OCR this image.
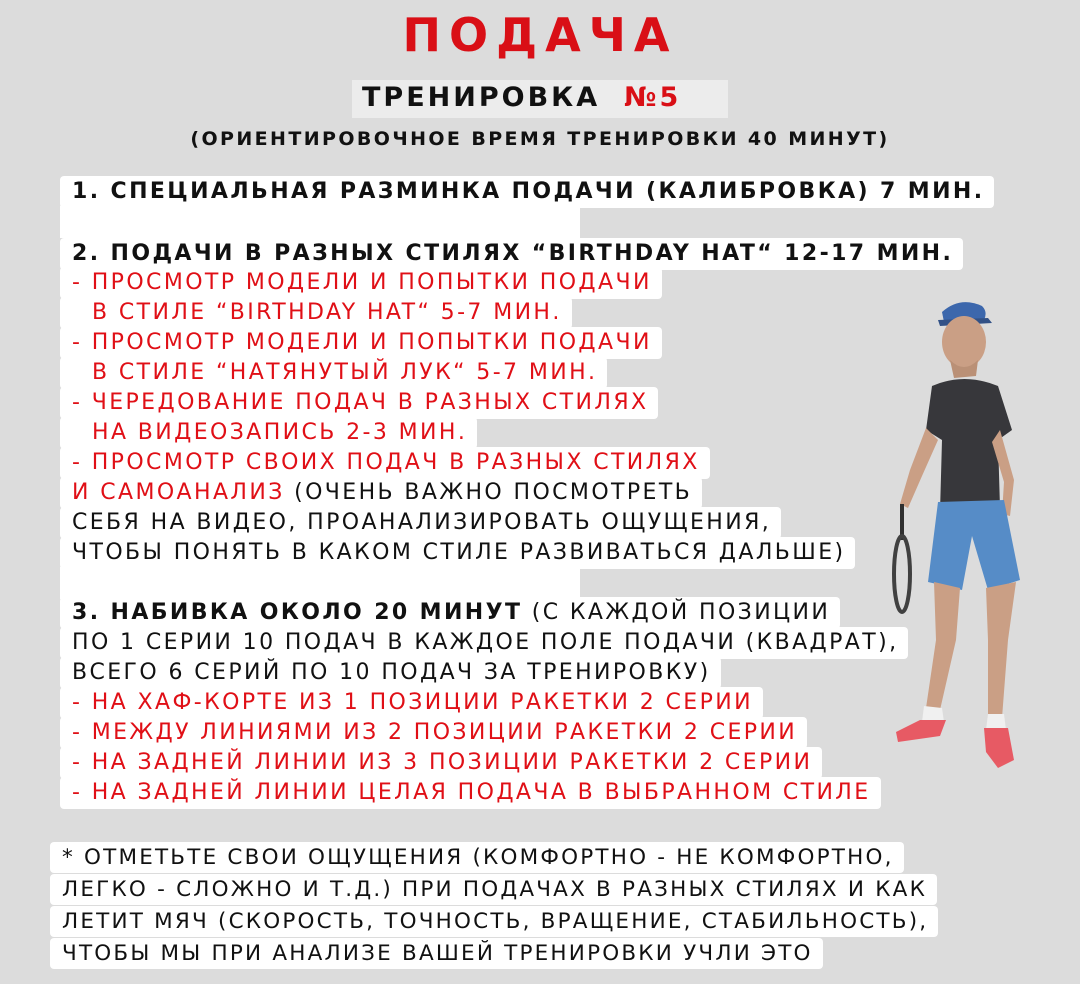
ПОДАЧА
ТРЕНИРОВКА №5
(ОРИЕНТИРОВОЧНОЕ ВРЕМЯ ТРЕНИРОВКИ 40 МИНУТ)
1. СПЕЦИАЛЬНАЯ РАЗМИНКА ПОДАЧИ (КАЛИБРОВКА) 7 МИН.
2. ПОДАЧИ В РАЗНЫХ СТИЛЯХ “BIRTHDAY HAT“ 12-17 МИН.
- ПРОСМОТР МОДЕЛИ И ПОПЫТКИ ПОДАЧИ
В СТИЛЕ “BIRTHDAY HAT“ 5-7 МИН.
- ПРОСМОТР МОДЕЛИ И ПОПЫТКИ ПОДАЧИ
В СТИЛЕ “НАТЯНУТЫЙ ЛУК“ 5-7 МИН.
- ЧЕРЕДОВАНИЕ ПОДАЧ В РАЗНЫХ СТИЛЯХ
НА ВИДЕОЗАПИСЬ 2-3 МИН.
- ПРОСМОТР СВОИХ ПОДАЧ В РАЗНЫХ СТИЛЯХ
И САМОАНАЛИЗ (ОЧЕНЬ ВАЖНО ПОСМОТРЕТЬ
СЕБЯ НА ВИДЕО, ПРОАНАЛИЗИРОВАТЬ ОЩУЩЕНИЯ,
ЧТОБЫ ПОНЯТЬ В КАКОМ СТИЛЕ РАЗВИВАТЬСЯ ДАЛЬШЕ)
3. НАБИВКА ОКОЛО 20 МИНУТ (С КАЖДОЙ ПОЗИЦИИ
ПО 1 СЕРИИ 10 ПОДАЧ В КАЖДОЕ ПОЛЕ ПОДАЧИ (КВАДРАТ),
ВСЕГО 6 СЕРИЙ ПО 10 ПОДАЧ ЗА ТРЕНИРОВКУ)
- НА ХАФ-КОРТЕ ИЗ 1 ПОЗИЦИИ РАКЕТКИ 2 СЕРИИ
- МЕЖДУ ЛИНИЯМИ ИЗ 2 ПОЗИЦИИ РАКЕТКИ 2 СЕРИИ
- НА ЗАДНЕЙ ЛИНИИ ИЗ 3 ПОЗИЦИИ РАКЕТКИ 2 СЕРИИ
- НА ЗАДНЕЙ ЛИНИИ ЦЕЛАЯ ПОДАЧА В ВЫБРАННОМ СТИЛЕ
* ОТМЕТЬТЕ СВОИ ОЩУЩЕНИЯ (КОМФОРТНО - НЕ КОМФОРТНО,
ЛЕГКО - СЛОЖНО И Т.Д.) ПРИ ПОДАЧАХ В РАЗНЫХ СТИЛЯХ И КАК
ЛЕТИТ МЯЧ (СКОРОСТЬ, ТОЧНОСТЬ, ВРАЩЕНИЕ, СТАБИЛЬНОСТЬ),
ЧТОБЫ МЫ ПРИ АНАЛИЗЕ ВАШЕЙ ТРЕНИРОВКИ УЧЛИ ЭТО
